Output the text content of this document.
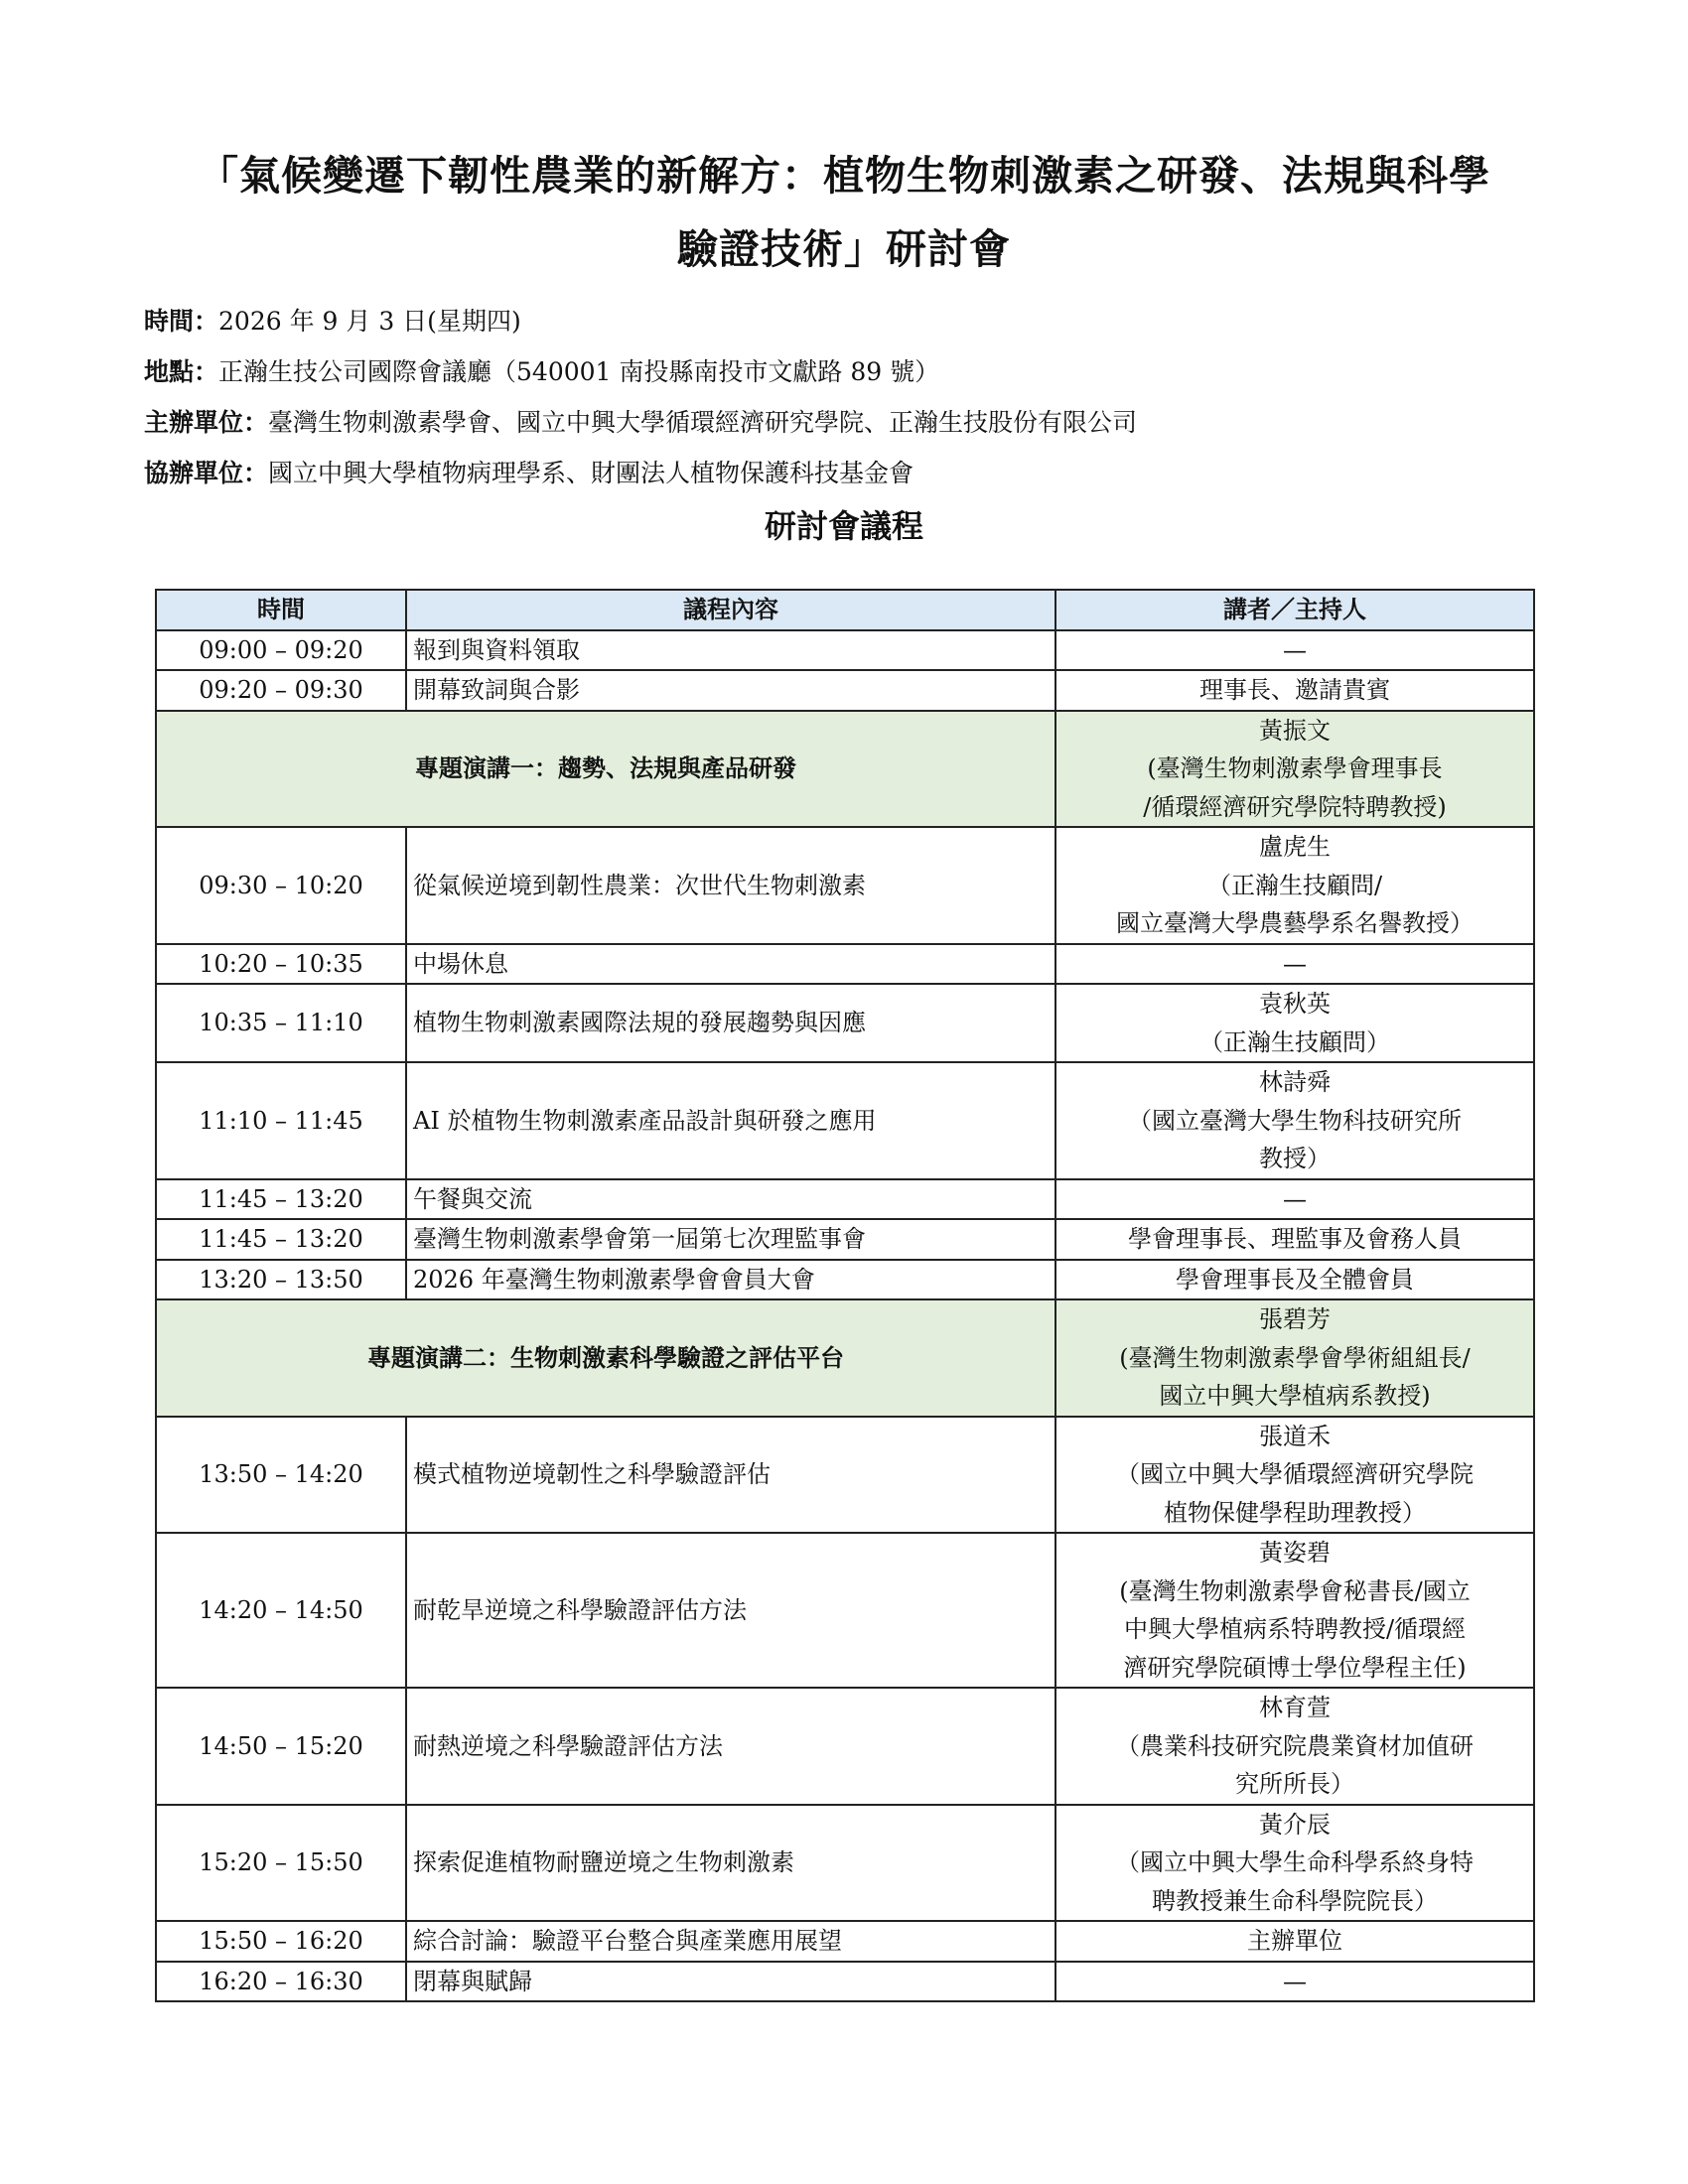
「氣候變遷下韌性農業的新解方：植物生物刺激素之研發、法規與科學
驗證技術」研討會
時間：2026 年 9 月 3 日(星期四)
地點：正瀚生技公司國際會議廳（540001 南投縣南投市文獻路 89 號）
主辦單位：臺灣生物刺激素學會、國立中興大學循環經濟研究學院、正瀚生技股份有限公司
協辦單位：國立中興大學植物病理學系、財團法人植物保護科技基金會
研討會議程
時間	議程內容	講者／主持人
09:00 – 09:20	報到與資料領取	—

09:20 – 09:30	開幕致詞與合影	理事長、邀請貴賓

專題演講一：趨勢、法規與產品研發		黃振文
(臺灣生物刺激素學會理事長
/循環經濟研究學院特聘教授)

09:30 – 10:20	從氣候逆境到韌性農業：次世代生物刺激素	盧虎生
（正瀚生技顧問/
國立臺灣大學農藝學系名譽教授）

10:20 – 10:35	中場休息	—

10:35 – 11:10	植物生物刺激素國際法規的發展趨勢與因應	袁秋英
（正瀚生技顧問）

11:10 – 11:45	AI 於植物生物刺激素產品設計與研發之應用	林詩舜
（國立臺灣大學生物科技研究所
教授）

11:45 – 13:20	午餐與交流	—

11:45 – 13:20	臺灣生物刺激素學會第一屆第七次理監事會	學會理事長、理監事及會務人員

13:20 – 13:50	2026 年臺灣生物刺激素學會會員大會	學會理事長及全體會員

專題演講二：生物刺激素科學驗證之評估平台		張碧芳
(臺灣生物刺激素學會學術組組長/
國立中興大學植病系教授)

13:50 – 14:20	模式植物逆境韌性之科學驗證評估	張道禾
（國立中興大學循環經濟研究學院
植物保健學程助理教授）

14:20 – 14:50	耐乾旱逆境之科學驗證評估方法	黃姿碧
(臺灣生物刺激素學會秘書長/國立
中興大學植病系特聘教授/循環經
濟研究學院碩博士學位學程主任)

14:50 – 15:20	耐熱逆境之科學驗證評估方法	林育萱
（農業科技研究院農業資材加值研
究所所長）

15:20 – 15:50	探索促進植物耐鹽逆境之生物刺激素	黃介辰
（國立中興大學生命科學系終身特
聘教授兼生命科學院院長）

15:50 – 16:20	綜合討論：驗證平台整合與產業應用展望	主辦單位

16:20 – 16:30	閉幕與賦歸	—
